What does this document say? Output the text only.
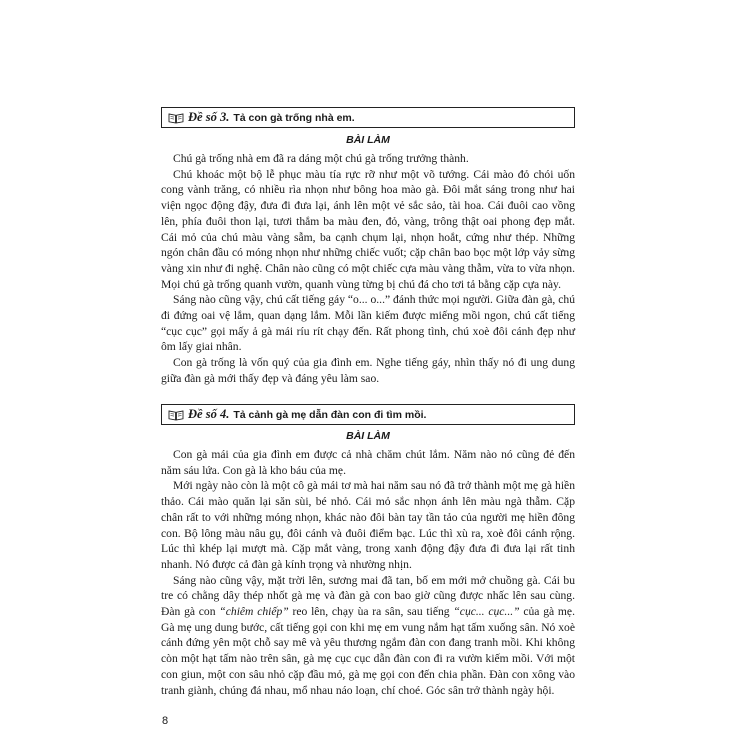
Đề số 3. Tả con gà trống nhà em.
BÀI LÀM

Chú gà trống nhà em đã ra dáng một chú gà trống trưởng thành.

Chú khoác một bộ lễ phục màu tía rực rỡ như một võ tướng. Cái mào đỏ chói uốn cong vành trăng, có nhiều rìa nhọn như bông hoa mào gà. Đôi mắt sáng trong như hai viện ngọc động đậy, đưa đi đưa lại, ánh lên một vẻ sắc sảo, tài hoa. Cái đuôi cao vồng lên, phía đuôi thon lại, tươi thắm ba màu đen, đỏ, vàng, trông thật oai phong đẹp mắt. Cái mỏ của chú màu vàng sẫm, ba cạnh chụm lại, nhọn hoắt, cứng như thép. Những ngón chân đầu có móng nhọn như những chiếc vuốt; cặp chân bao bọc một lớp vảy sừng vàng xin như đi nghệ. Chân nào cũng có một chiếc cựa màu vàng thẫm, vừa to vừa nhọn. Mọi chú gà trống quanh vườn, quanh vùng từng bị chú đá cho tơi tả bằng cặp cựa này.

Sáng nào cũng vậy, chú cất tiếng gáy “o... o...” đánh thức mọi người. Giữa đàn gà, chú đi đứng oai vệ lắm, quan dạng lắm. Mỗi lần kiếm được miếng mồi ngon, chú cất tiếng “cục cục” gọi mấy ả gà mái ríu rít chạy đến. Rất phong tình, chú xoè đôi cánh đẹp như ôm lấy giai nhân.

Con gà trống là vốn quý của gia đình em. Nghe tiếng gáy, nhìn thấy nó đi ung dung giữa đàn gà mới thấy đẹp và đáng yêu làm sao.

Đề số 4. Tả cảnh gà mẹ dẫn đàn con đi tìm mồi.
BÀI LÀM

Con gà mái của gia đình em được cả nhà chăm chút lắm. Năm nào nó cũng đẻ đến năm sáu lứa. Con gà là kho báu của mẹ.

Mới ngày nào còn là một cô gà mái tơ mà hai năm sau nó đã trở thành một mẹ gà hiền thảo. Cái mào quăn lại săn sùi, bé nhỏ. Cái mỏ sắc nhọn ánh lên màu ngà thẫm. Cặp chân rất to với những móng nhọn, khác nào đôi bàn tay tần tảo của người mẹ hiền đông con. Bộ lông màu nâu gụ, đôi cánh và đuôi điểm bạc. Lúc thì xù ra, xoè đôi cánh rộng. Lúc thì khép lại mượt mà. Cặp mắt vàng, trong xanh động đậy đưa đi đưa lại rất tinh nhanh. Nó được cả đàn gà kính trọng và nhường nhịn.

Sáng nào cũng vậy, mặt trời lên, sương mai đã tan, bố em mới mở chuồng gà. Cái bu tre có chằng dây thép nhốt gà mẹ và đàn gà con bao giờ cũng được nhấc lên sau cùng. Đàn gà con “chiêm chiếp” reo lên, chạy ùa ra sân, sau tiếng “cục... cục...” của gà mẹ. Gà mẹ ung dung bước, cất tiếng gọi con khi mẹ em vung nắm hạt tấm xuống sân. Nó xoè cánh đứng yên một chỗ say mê và yêu thương ngắm đàn con đang tranh mồi. Khi không còn một hạt tấm nào trên sân, gà mẹ cục cục dẫn đàn con đi ra vườn kiếm mồi. Với một con giun, một con sâu nhỏ cặp đầu mỏ, gà mẹ gọi con đến chia phần. Đàn con xông vào tranh giành, chúng đá nhau, mổ nhau náo loạn, chí choé. Góc sân trở thành ngày hội.

8
